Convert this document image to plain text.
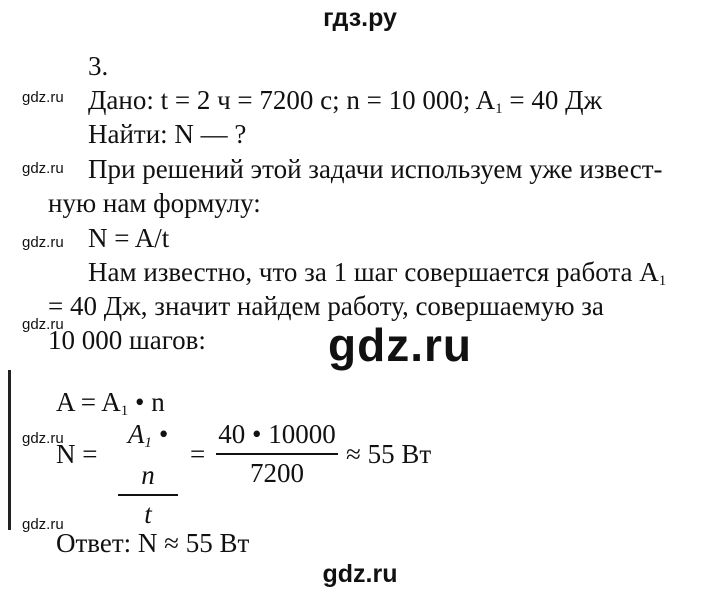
гдз.ру
3.
gdz.ru Дано: t = 2 ч = 7200 с; n = 10 000; $A_1 = 40$ Дж
Найти: N — ?
gdz.ru При решений этой задачи используем уже извест-
ную нам формулу:
gdz.ru N = A/t
Нам известно, что за 1 шаг совершается работа $A_1$
= 40 Дж, значит найдем работу, совершаемую за
gdz.ru
10 000 шагов:	gdz.ru
$A = A_1$ • n
gdz.ru
N =
$A_1$ • n
t
=
40 • 10000
7200
≈ 55 Вт
gdz.ru
Ответ: N ≈ 55 Вт
gdz.ru
